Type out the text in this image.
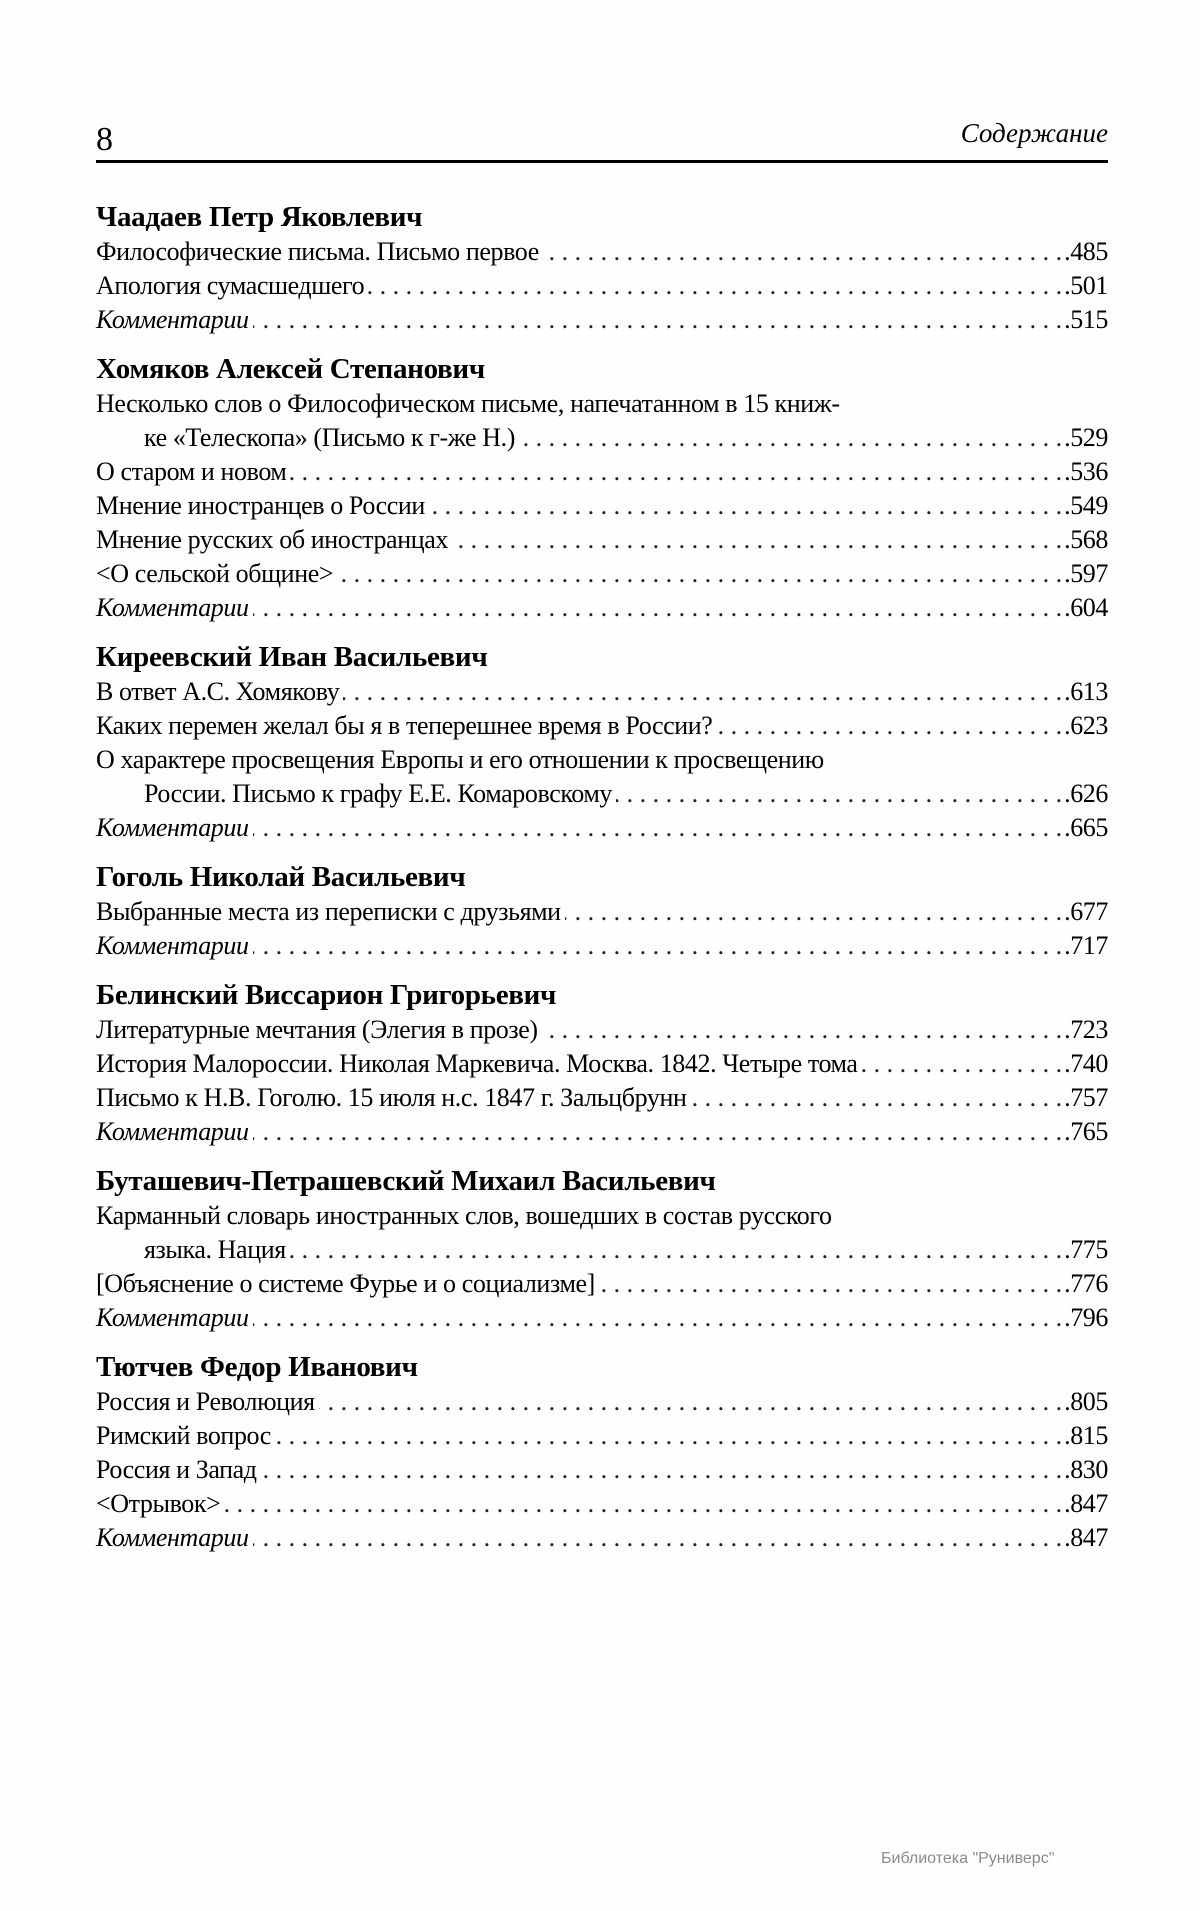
8	Содержание
Чаадаев Петр Яковлевич
Философические письма. Письмо первое . . .	.485
Апология сумасшедшего . . .	.501
Комментарии . . .	.515
Хомяков Алексей Степанович
Несколько слов о Философическом письме, напечатанном в 15 книж-
ке «Телескопа» (Письмо к г-же Н.) . . .	.529
О старом и новом . . .	.536
Мнение иностранцев о России . . .	.549
Мнение русских об иностранцах . . .	.568
<О сельской общине> . . .	.597
Комментарии . . .	.604
Киреевский Иван Васильевич
В ответ А.С. Хомякову . . .	.613
Каких перемен желал бы я в теперешнее время в России? . . .	.623
О характере просвещения Европы и его отношении к просвещению
России. Письмо к графу Е.Е. Комаровскому . . .	.626
Комментарии . . .	.665
Гоголь Николай Васильевич
Выбранные места из переписки с друзьями . . .	.677
Комментарии . . .	.717
Белинский Виссарион Григорьевич
Литературные мечтания (Элегия в прозе) . . .	.723
История Малороссии. Николая Маркевича. Москва. 1842. Четыре тома . . .	.740
Письмо к Н.В. Гоголю. 15 июля н.с. 1847 г. Зальцбрунн . . .	.757
Комментарии . . .	.765
Буташевич-Петрашевский Михаил Васильевич
Карманный словарь иностранных слов, вошедших в состав русского
языка. Нация . . .	.775
[Объяснение о системе Фурье и о социализме] . . .	.776
Комментарии . . .	.796
Тютчев Федор Иванович
Россия и Революция . . .	.805
Римский вопрос . . .	.815
Россия и Запад . . .	.830
<Отрывок> . . .	.847
Комментарии . . .	.847
Библиотека "Руниверс"
